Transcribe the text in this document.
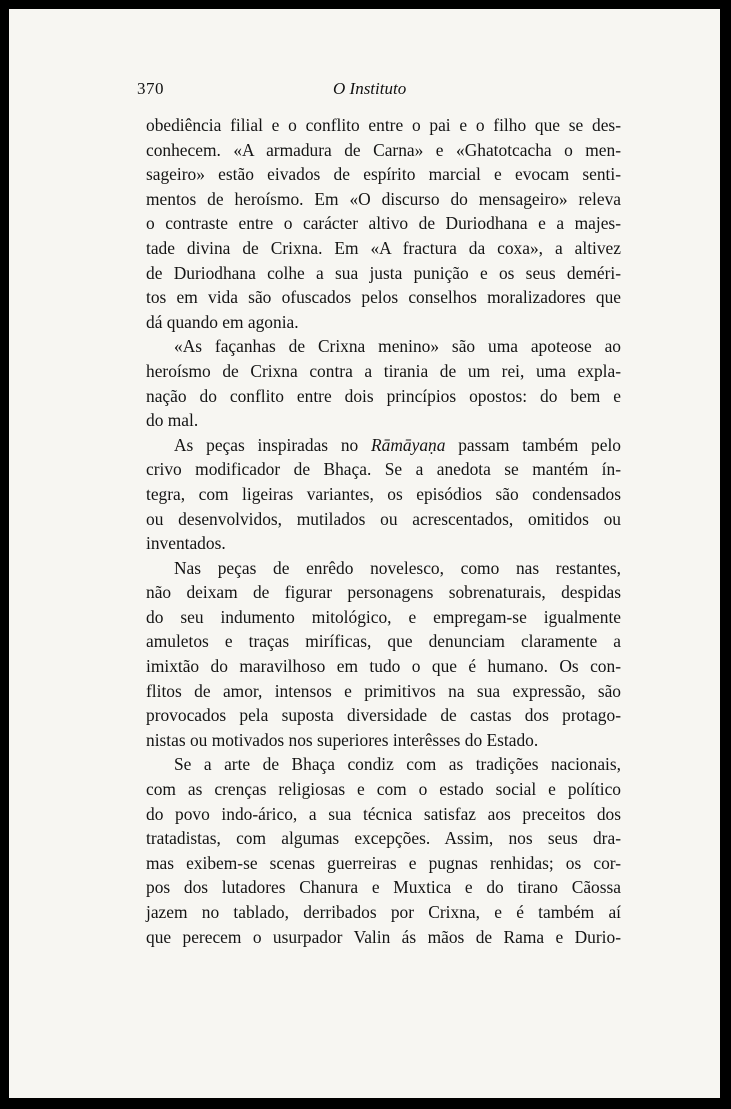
370	O Instituto

obediência filial e o conflito entre o pai e o filho que se des-
conhecem. «A armadura de Carna» e «Ghatotcacha o men-
sageiro» estão eivados de espírito marcial e evocam senti-
mentos de heroísmo. Em «O discurso do mensageiro» releva
o contraste entre o carácter altivo de Duriodhana e a majes-
tade divina de Crixna. Em «A fractura da coxa», a altivez
de Duriodhana colhe a sua justa punição e os seus deméri-
tos em vida são ofuscados pelos conselhos moralizadores que
dá quando em agonia.

«As façanhas de Crixna menino» são uma apoteose ao
heroísmo de Crixna contra a tirania de um rei, uma expla-
nação do conflito entre dois princípios opostos: do bem e
do mal.

As peças inspiradas no Rāmāyaṇa passam também pelo
crivo modificador de Bhaça. Se a anedota se mantém ín-
tegra, com ligeiras variantes, os episódios são condensados
ou desenvolvidos, mutilados ou acrescentados, omitidos ou
inventados.

Nas peças de enrêdo novelesco, como nas restantes,
não deixam de figurar personagens sobrenaturais, despidas
do seu indumento mitológico, e empregam-se igualmente
amuletos e traças miríficas, que denunciam claramente a
imixtão do maravilhoso em tudo o que é humano. Os con-
flitos de amor, intensos e primitivos na sua expressão, são
provocados pela suposta diversidade de castas dos protago-
nistas ou motivados nos superiores interêsses do Estado.

Se a arte de Bhaça condiz com as tradições nacionais,
com as crenças religiosas e com o estado social e político
do povo indo-árico, a sua técnica satisfaz aos preceitos dos
tratadistas, com algumas excepções. Assim, nos seus dra-
mas exibem-se scenas guerreiras e pugnas renhidas; os cor-
pos dos lutadores Chanura e Muxtica e do tirano Cãossa
jazem no tablado, derribados por Crixna, e é também aí
que perecem o usurpador Valin ás mãos de Rama e Durio-
